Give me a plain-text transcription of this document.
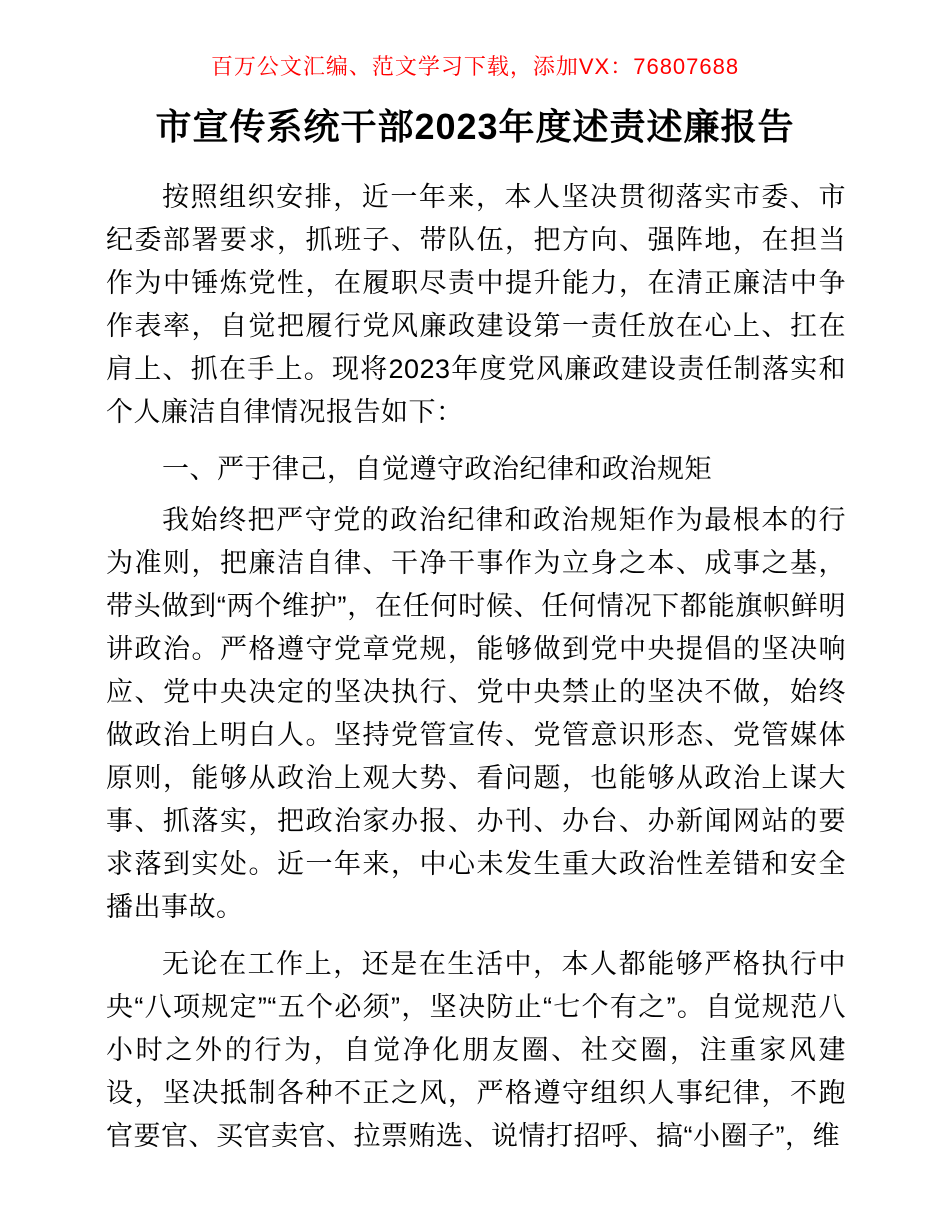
百万公文汇编、范文学习下载，添加VX：76807688
市宣传系统干部2023年度述责述廉报告

按照组织安排，近一年来，本人坚决贯彻落实市委、市纪委部署要求，抓班子、带队伍，把方向、强阵地，在担当作为中锤炼党性，在履职尽责中提升能力，在清正廉洁中争作表率，自觉把履行党风廉政建设第一责任放在心上、扛在肩上、抓在手上。现将2023年度党风廉政建设责任制落实和个人廉洁自律情况报告如下：

一、严于律己，自觉遵守政治纪律和政治规矩

我始终把严守党的政治纪律和政治规矩作为最根本的行为准则，把廉洁自律、干净干事作为立身之本、成事之基，带头做到“两个维护”，在任何时候、任何情况下都能旗帜鲜明讲政治。严格遵守党章党规，能够做到党中央提倡的坚决响应、党中央决定的坚决执行、党中央禁止的坚决不做，始终做政治上明白人。坚持党管宣传、党管意识形态、党管媒体原则，能够从政治上观大势、看问题，也能够从政治上谋大事、抓落实，把政治家办报、办刊、办台、办新闻网站的要求落到实处。近一年来，中心未发生重大政治性差错和安全播出事故。

无论在工作上，还是在生活中，本人都能够严格执行中央“八项规定”“五个必须”，坚决防止“七个有之”。自觉规范八小时之外的行为，自觉净化朋友圈、社交圈，注重家风建设，坚决抵制各种不正之风，严格遵守组织人事纪律，不跑官要官、买官卖官、拉票贿选、说情打招呼、搞“小圈子”，维
